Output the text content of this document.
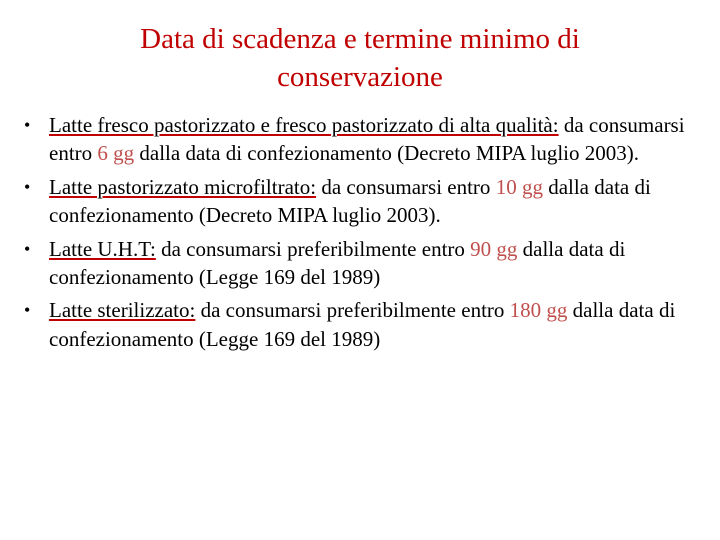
Data di scadenza e termine minimo di
conservazione
• Latte fresco pastorizzato e fresco pastorizzato di alta qualità: da consumarsi entro 6 gg dalla data di confezionamento (Decreto MIPA luglio 2003).
• Latte pastorizzato microfiltrato: da consumarsi entro 10 gg dalla data di confezionamento (Decreto MIPA luglio 2003).
• Latte U.H.T: da consumarsi preferibilmente entro 90 gg dalla data di confezionamento (Legge 169 del 1989)
• Latte sterilizzato: da consumarsi preferibilmente entro 180 gg dalla data di confezionamento (Legge 169 del 1989)
